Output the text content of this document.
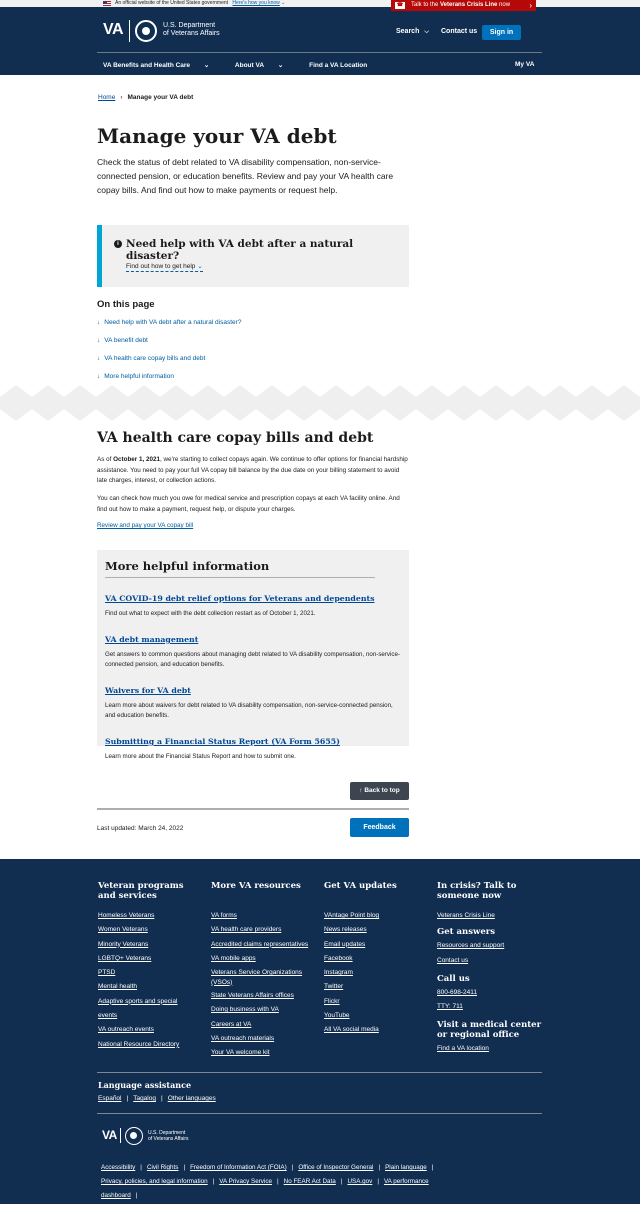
An official website of the United States government Here's how you know ⌄	☎	Talk to the Veterans Crisis Line now ›
VA	U.S. Department
of Veterans Affairs	Search ⌵ Contact us	Sign in
VA Benefits and Health Care ⌄	About VA ⌄	Find a VA Location	My VA
Home › Manage your VA debt
Manage your VA debt

Check the status of debt related to VA disability compensation, non-service-connected pension, or education benefits. Review and pay your VA health care copay bills. And find out how to make payments or request help.

i Need help with VA debt after a natural disaster?
Find out how to get help ⌄
On this page
↓ Need help with VA debt after a natural disaster?
↓ VA benefit debt
↓ VA health care copay bills and debt
↓ More helpful information
VA health care copay bills and debt

As of October 1, 2021, we're starting to collect copays again. We continue to offer options for financial hardship assistance. You need to pay your full VA copay bill balance by the due date on your billing statement to avoid late charges, interest, or collection actions.

You can check how much you owe for medical service and prescription copays at each VA facility online. And find out how to make a payment, request help, or dispute your charges.

Review and pay your VA copay bill
More helpful information
VA COVID-19 debt relief options for Veterans and dependents

Find out what to expect with the debt collection restart as of October 1, 2021.

VA debt management

Get answers to common questions about managing debt related to VA disability compensation, non-service-connected pension, and education benefits.

Waivers for VA debt

Learn more about waivers for debt related to VA disability compensation, non-service-connected pension, and education benefits.

Submitting a Financial Status Report (VA Form 5655)

Learn more about the Financial Status Report and how to submit one.

↑ Back to top
Last updated: March 24, 2022	Feedback
Veteran programs and services
Homeless Veterans
Women Veterans
Minority Veterans
LGBTQ+ Veterans
PTSD
Mental health
Adaptive sports and special events
VA outreach events
National Resource Directory
More VA resources
VA forms
VA health care providers
Accredited claims representatives
VA mobile apps
Veterans Service Organizations (VSOs)
State Veterans Affairs offices
Doing business with VA
Careers at VA
VA outreach materials
Your VA welcome kit
Get VA updates
VAntage Point blog
News releases
Email updates
Facebook
Instagram
Twitter
Flickr
YouTube
All VA social media
In crisis? Talk to someone now
Veterans Crisis Line
Get answers
Resources and support
Contact us
Call us
800-698-2411
TTY: 711
Visit a medical center or regional office
Find a VA location
Language assistance
Español | Tagalog | Other languages
VA	U.S. Department
of Veterans Affairs
Accessibility | Civil Rights | Freedom of Information Act (FOIA) | Office of Inspector General | Plain language |
Privacy, policies, and legal information | VA Privacy Service | No FEAR Act Data | USA.gov | VA performance dashboard |
Veterans Portrait Project
